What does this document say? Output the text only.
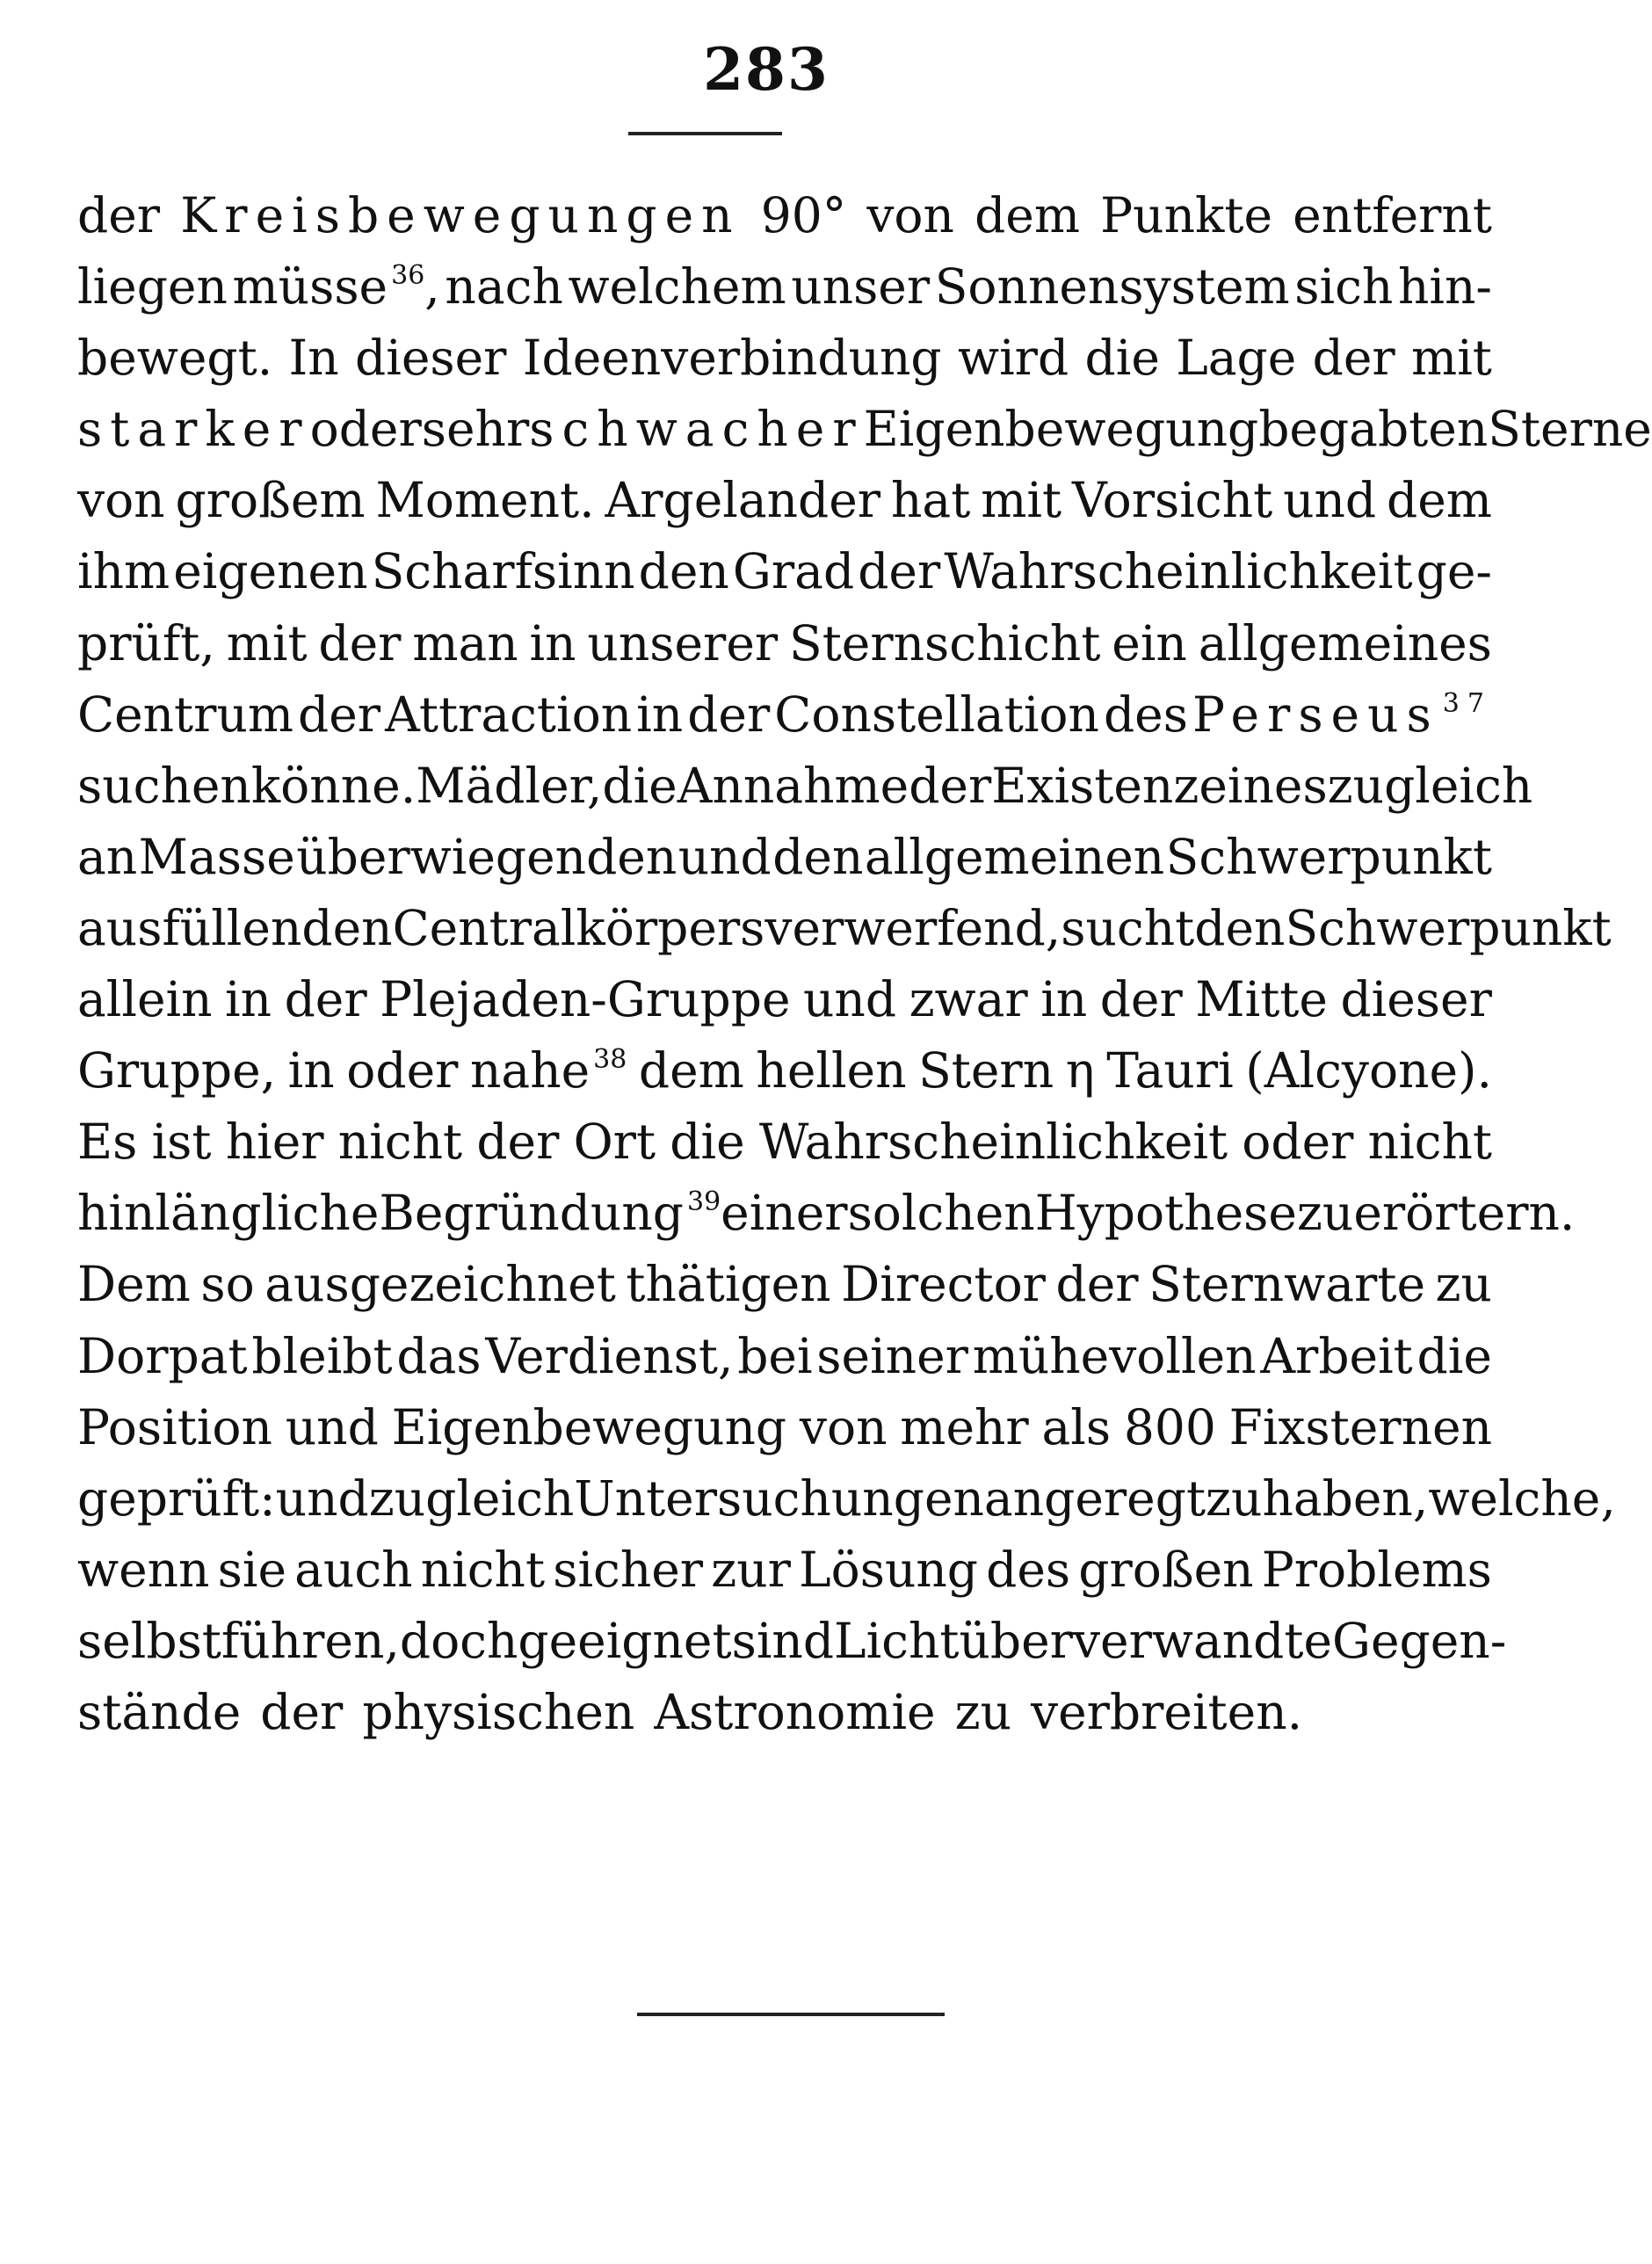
283
der Kreisbewegungen 90° von dem Punkte entfernt
liegen müsse $^{36}$, nach welchem unser Sonnensystem sich hin-
bewegt. In dieser Ideenverbindung wird die Lage der mit
starker oder sehr schwacher Eigenbewegung begabten Sterne
von großem Moment. Argelander hat mit Vorsicht und dem
ihm eigenen Scharfsinn den Grad der Wahrscheinlichkeit ge-
prüft, mit der man in unserer Sternschicht ein allgemeines
Centrum der Attraction in der Constellation des Perseus $^{37}$
suchen könne. Mädler, die Annahme der Existenz eines zugleich
an Masse überwiegenden und den allgemeinen Schwerpunkt
ausfüllenden Centralkörpers verwerfend, sucht den Schwerpunkt
allein in der Plejaden-Gruppe und zwar in der Mitte dieser
Gruppe, in oder nahe $^{38}$ dem hellen Stern η Tauri (Alcyone).
Es ist hier nicht der Ort die Wahrscheinlichkeit oder nicht
hinlängliche Begründung $^{39}$ einer solchen Hypothese zu erörtern.
Dem so ausgezeichnet thätigen Director der Sternwarte zu
Dorpat bleibt das Verdienst, bei seiner mühevollen Arbeit die
Position und Eigenbewegung von mehr als 800 Fixsternen
geprüft: und zugleich Untersuchungen angeregt zu haben, welche,
wenn sie auch nicht sicher zur Lösung des großen Problems
selbst führen, doch geeignet sind Licht über verwandte Gegen-
stände der physischen Astronomie zu verbreiten.
